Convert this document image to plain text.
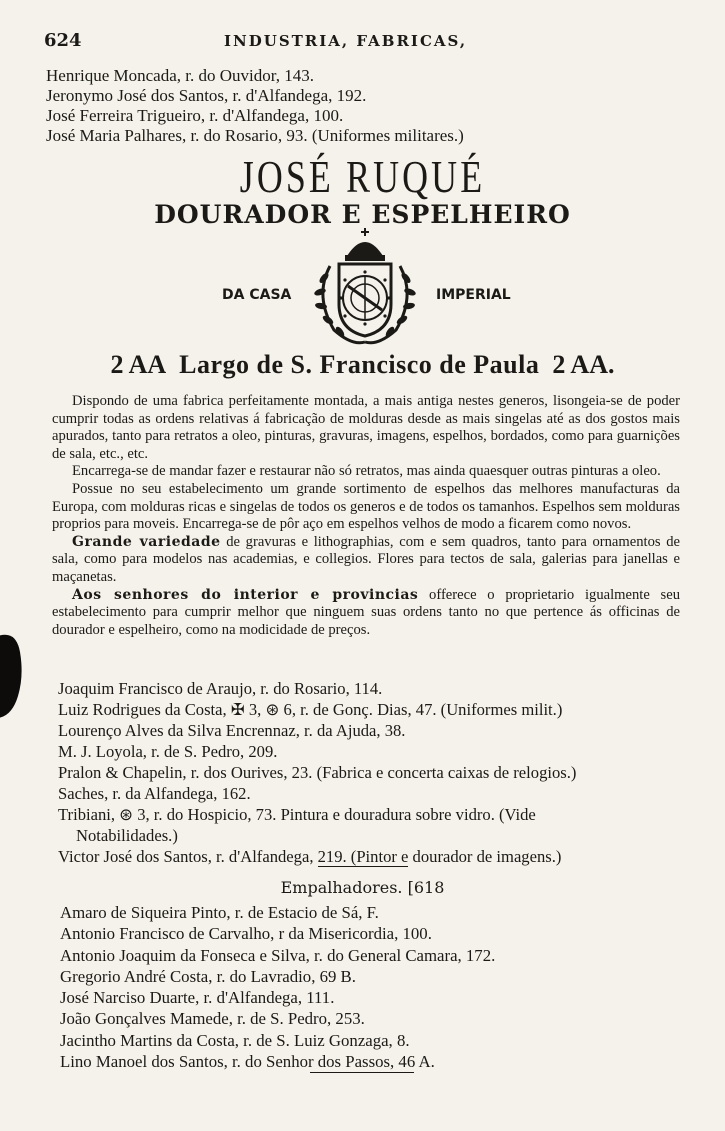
624	INDUSTRIA, FABRICAS,
Henrique Moncada, r. do Ouvidor, 143.
Jeronymo José dos Santos, r. d'Alfandega, 192.
José Ferreira Trigueiro, r. d'Alfandega, 100.
José Maria Palhares, r. do Rosario, 93. (Uniformes militares.)
JOSÉ RUQUÉ
DOURADOR E ESPELHEIRO
DA CASA	IMPERIAL
2 AA Largo de S. Francisco de Paula 2 AA.

Dispondo de uma fabrica perfeitamente montada, a mais antiga nestes generos, lisongeia-se de poder cumprir todas as ordens relativas á fabricação de molduras desde as mais singelas até as dos gostos mais apurados, tanto para retratos a oleo, pinturas, gravuras, imagens, espelhos, bordados, como para guarnições de sala, etc., etc.

Encarrega-se de mandar fazer e restaurar não só retratos, mas ainda quaesquer outras pinturas a oleo.

Possue no seu estabelecimento um grande sortimento de espelhos das melhores manufacturas da Europa, com molduras ricas e singelas de todos os generos e de todos os tamanhos. Espelhos sem molduras proprios para moveis. Encarrega-se de pôr aço em espelhos velhos de modo a ficarem como novos.

Grande variedade de gravuras e lithographias, com e sem quadros, tanto para ornamentos de sala, como para modelos nas academias, e collegios. Flores para tectos de sala, galerias para janellas e maçanetas.

Aos senhores do interior e provincias offerece o proprietario igualmente seu estabelecimento para cumprir melhor que ninguem suas ordens tanto no que pertence ás officinas de dourador e espelheiro, como na modicidade de preços.

Joaquim Francisco de Araujo, r. do Rosario, 114.
Luiz Rodrigues da Costa, ✠ 3, ⊛ 6, r. de Gonç. Dias, 47. (Uniformes milit.)
Lourenço Alves da Silva Encrennaz, r. da Ajuda, 38.
M. J. Loyola, r. de S. Pedro, 209.
Pralon & Chapelin, r. dos Ourives, 23. (Fabrica e concerta caixas de relogios.)
Saches, r. da Alfandega, 162.
Tribiani, ⊛ 3, r. do Hospicio, 73. Pintura e douradura sobre vidro. (Vide
Notabilidades.)
Victor José dos Santos, r. d'Alfandega, 219. (Pintor e dourador de imagens.)
Empalhadores. [618
Amaro de Siqueira Pinto, r. de Estacio de Sá, F.
Antonio Francisco de Carvalho, r da Misericordia, 100.
Antonio Joaquim da Fonseca e Silva, r. do General Camara, 172.
Gregorio André Costa, r. do Lavradio, 69 B.
José Narciso Duarte, r. d'Alfandega, 111.
João Gonçalves Mamede, r. de S. Pedro, 253.
Jacintho Martins da Costa, r. de S. Luiz Gonzaga, 8.
Lino Manoel dos Santos, r. do Senhor dos Passos, 46 A.
